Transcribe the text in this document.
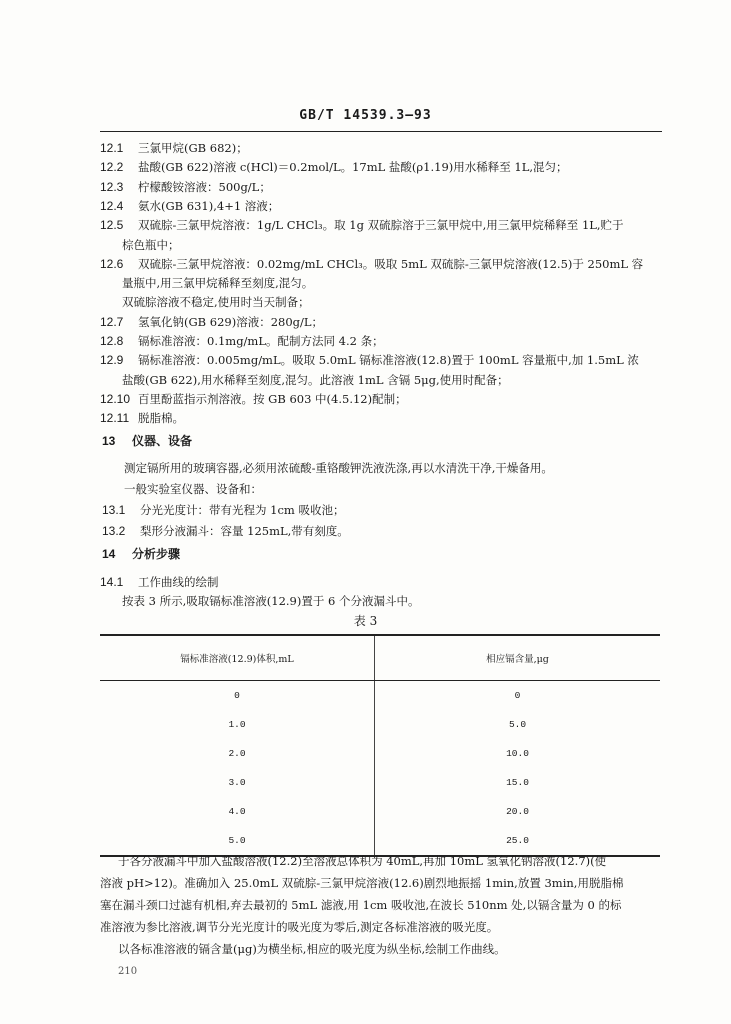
GB/T 14539.3—93
12.1 三氯甲烷(GB 682)；
12.2 盐酸(GB 622)溶液 c(HCl)＝0.2mol/L。17mL 盐酸(ρ1.19)用水稀释至 1L,混匀；
12.3 柠檬酸铵溶液：500g/L；
12.4 氨水(GB 631),4+1 溶液；
12.5 双硫腙-三氯甲烷溶液：1g/L CHCl₃。取 1g 双硫腙溶于三氯甲烷中,用三氯甲烷稀释至 1L,贮于
棕色瓶中；
12.6 双硫腙-三氯甲烷溶液：0.02mg/mL CHCl₃。吸取 5mL 双硫腙-三氯甲烷溶液(12.5)于 250mL 容
量瓶中,用三氯甲烷稀释至刻度,混匀。
双硫腙溶液不稳定,使用时当天制备；
12.7 氢氧化钠(GB 629)溶液：280g/L；
12.8 镉标准溶液：0.1mg/mL。配制方法同 4.2 条；
12.9 镉标准溶液：0.005mg/mL。吸取 5.0mL 镉标准溶液(12.8)置于 100mL 容量瓶中,加 1.5mL 浓
盐酸(GB 622),用水稀释至刻度,混匀。此溶液 1mL 含镉 5μg,使用时配备；
12.10 百里酚蓝指示剂溶液。按 GB 603 中(4.5.12)配制；
12.11 脱脂棉。
13 仪器、设备
测定镉所用的玻璃容器,必须用浓硫酸-重铬酸钾洗液洗涤,再以水清洗干净,干燥备用。
一般实验室仪器、设备和：
13.1 分光光度计：带有光程为 1cm 吸收池；
13.2 梨形分液漏斗：容量 125mL,带有刻度。
14 分析步骤
14.1 工作曲线的绘制
按表 3 所示,吸取镉标准溶液(12.9)置于 6 个分液漏斗中。
表 3
镉标准溶液(12.9)体积,mL	相应镉含量,μg
0	0
1.0	5.0
2.0	10.0
3.0	15.0
4.0	20.0
5.0	25.0
于各分液漏斗中加入盐酸溶液(12.2)至溶液总体积为 40mL,再加 10mL 氢氧化钠溶液(12.7)(使
溶液 pH>12)。准确加入 25.0mL 双硫腙-三氯甲烷溶液(12.6)剧烈地振摇 1min,放置 3min,用脱脂棉
塞在漏斗颈口过滤有机相,弃去最初的 5mL 滤液,用 1cm 吸收池,在波长 510nm 处,以镉含量为 0 的标
准溶液为参比溶液,调节分光光度计的吸光度为零后,测定各标准溶液的吸光度。
以各标准溶液的镉含量(μg)为横坐标,相应的吸光度为纵坐标,绘制工作曲线。
210
